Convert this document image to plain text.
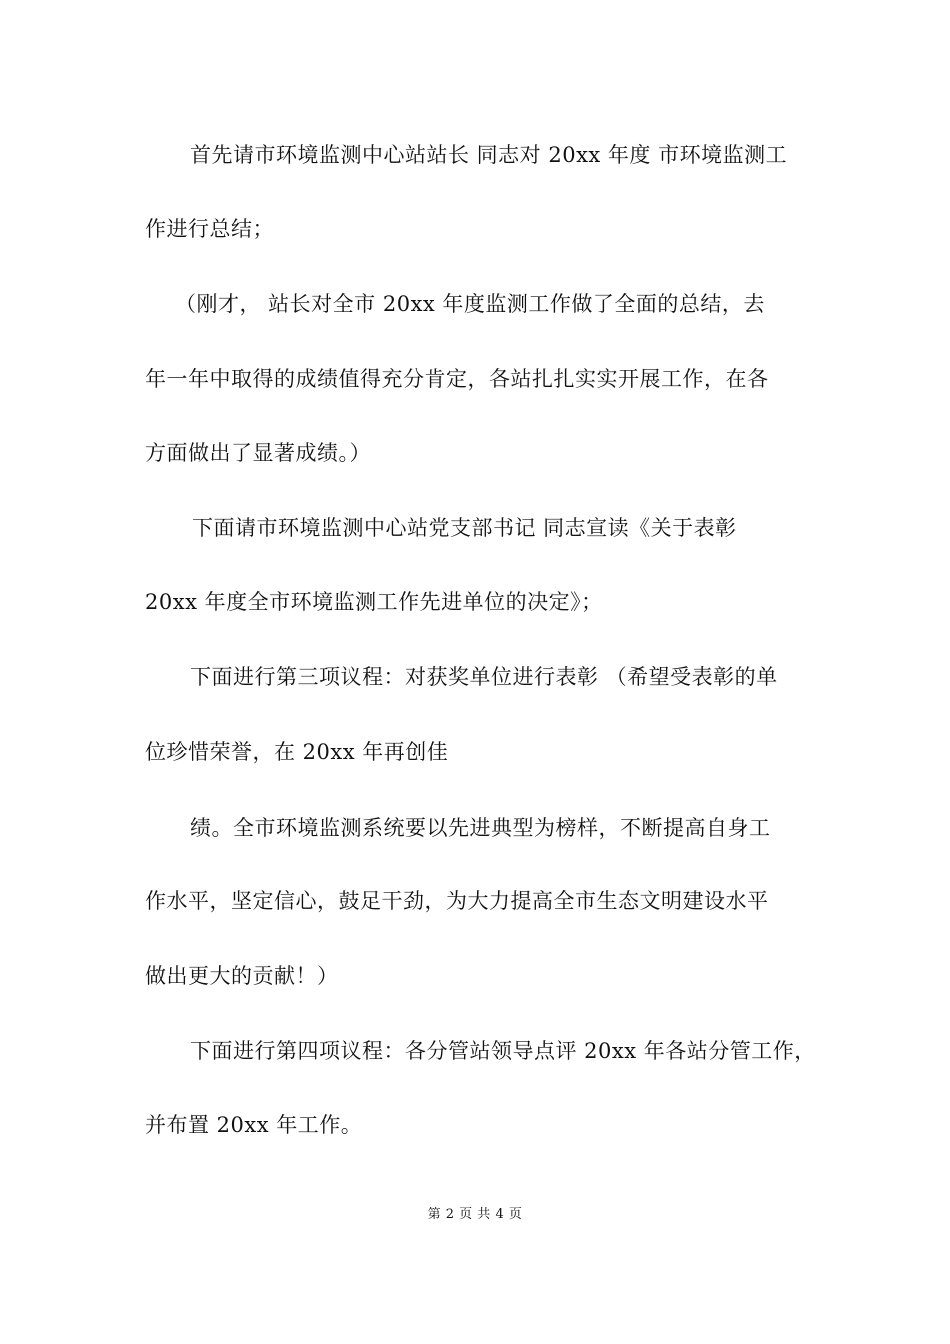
首先请市环境监测中心站站长 同志对 20xx 年度 市环境监测工
作进行总结；
（刚才， 站长对全市 20xx 年度监测工作做了全面的总结，去
年一年中取得的成绩值得充分肯定，各站扎扎实实开展工作，在各
方面做出了显著成绩。）
下面请市环境监测中心站党支部书记 同志宣读《关于表彰
20xx 年度全市环境监测工作先进单位的决定》；
下面进行第三项议程：对获奖单位进行表彰 （希望受表彰的单
位珍惜荣誉，在 20xx 年再创佳
绩。全市环境监测系统要以先进典型为榜样，不断提高自身工
作水平，坚定信心，鼓足干劲，为大力提高全市生态文明建设水平
做出更大的贡献！）
下面进行第四项议程：各分管站领导点评 20xx 年各站分管工作，
并布置 20xx 年工作。
第 2 页 共 4 页
